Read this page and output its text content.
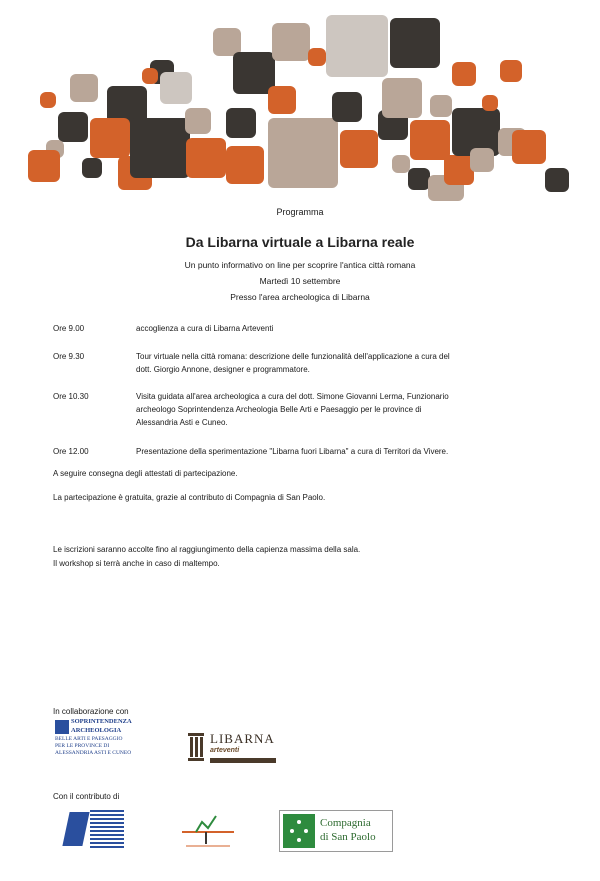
Programma
Da Libarna virtuale a Libarna reale
Un punto informativo on line per scoprire l'antica città romana
Martedì 10 settembre
Presso l'area archeologica di Libarna
Ore 9.00	accoglienza a cura di Libarna Arteventi
Ore 9.30	Tour virtuale nella città romana: descrizione delle funzionalità dell'applicazione a cura del
dott. Giorgio Annone, designer e programmatore.
Ore 10.30	Visita guidata all'area archeologica a cura del dott. Simone Giovanni Lerma, Funzionario
archeologo Soprintendenza Archeologia Belle Arti e Paesaggio per le province di
Alessandria Asti e Cuneo.
Ore 12.00	Presentazione della sperimentazione "Libarna fuori Libarna" a cura di Territori da Vivere.
A seguire consegna degli attestati di partecipazione.
La partecipazione è gratuita, grazie al contributo di Compagnia di San Paolo.
Le iscrizioni saranno accolte fino al raggiungimento della capienza massima della sala.
Il workshop si terrà anche in caso di maltempo.
In collaborazione con
SOPRINTENDENZA
ARCHEOLOGIA
BELLE ARTI E PAESAGGIO
PER LE PROVINCE DI
ALESSANDRIA ASTI E CUNEO
LIBARNA
arteventi
Con il contributo di
Compagnia
di San Paolo
